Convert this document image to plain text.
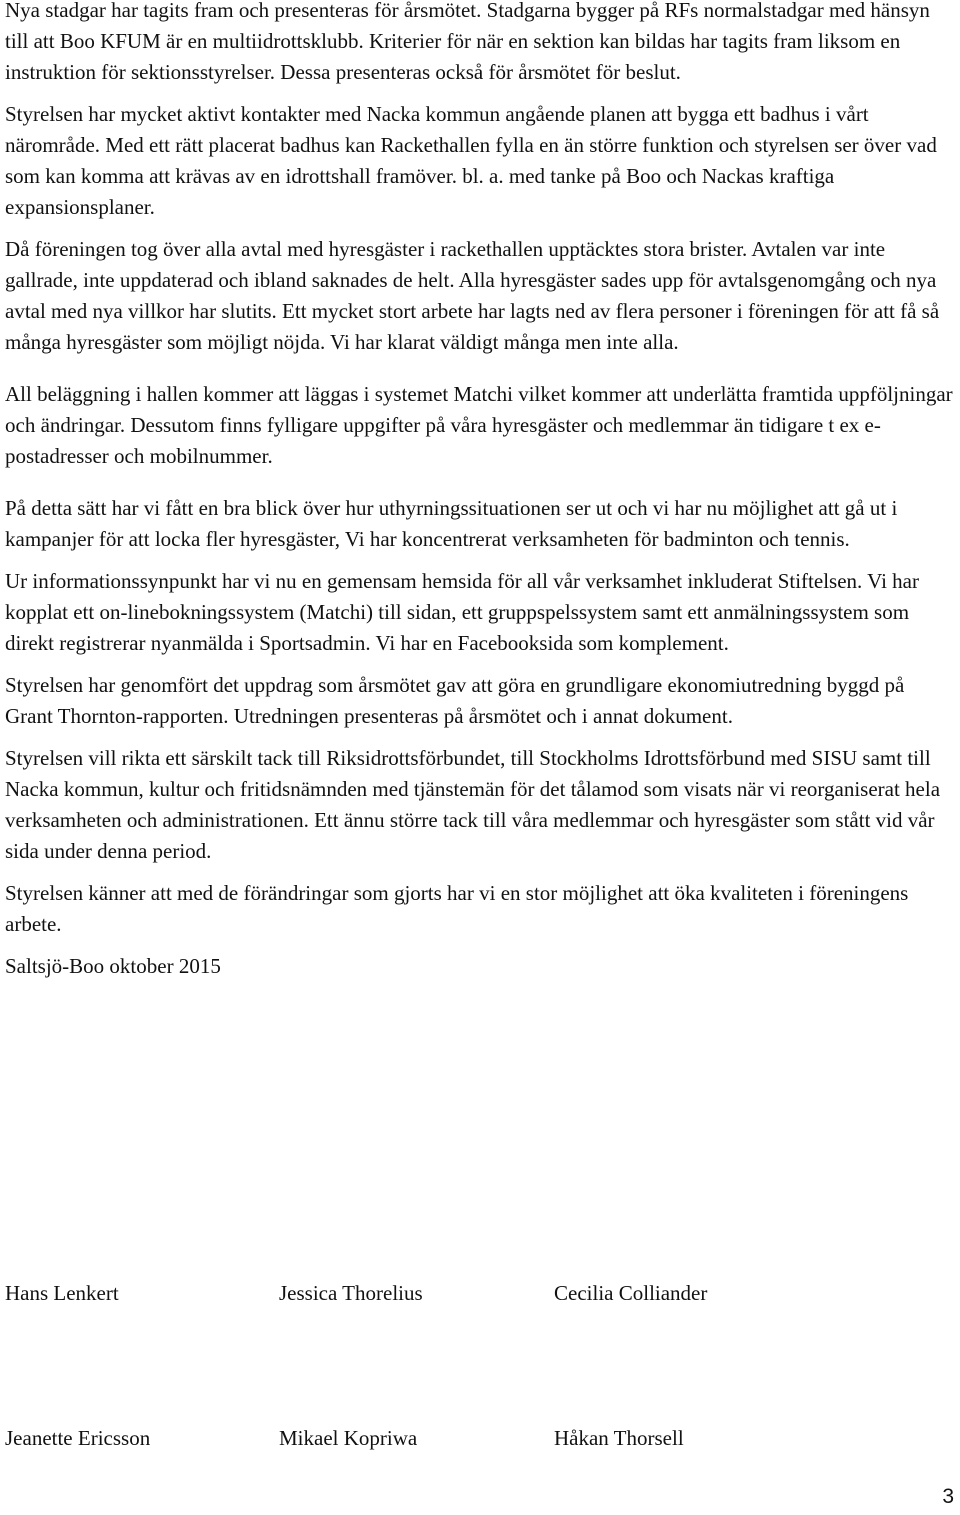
Nya stadgar har tagits fram och presenteras för årsmötet. Stadgarna bygger på RFs normalstadgar med hänsyn till att Boo KFUM är en multiidrottsklubb. Kriterier för när en sektion kan bildas har tagits fram liksom en instruktion för sektionsstyrelser. Dessa presenteras också för årsmötet för beslut.

Styrelsen har mycket aktivt kontakter med Nacka kommun angående planen att bygga ett badhus i vårt närområde. Med ett rätt placerat badhus kan Rackethallen fylla en än större funktion och styrelsen ser över vad som kan komma att krävas av en idrottshall framöver. bl. a. med tanke på Boo och Nackas kraftiga expansionsplaner.

Då föreningen tog över alla avtal med hyresgäster i rackethallen upptäcktes stora brister. Avtalen var inte gallrade, inte uppdaterad och ibland saknades de helt. Alla hyresgäster sades upp för avtalsgenomgång och nya avtal med nya villkor har slutits. Ett mycket stort arbete har lagts ned av flera personer i föreningen för att få så många hyresgäster som möjligt nöjda. Vi har klarat väldigt många men inte alla.

All beläggning i hallen kommer att läggas i systemet Matchi vilket kommer att underlätta framtida uppföljningar och ändringar. Dessutom finns fylligare uppgifter på våra hyresgäster och medlemmar än tidigare t ex e-postadresser och mobilnummer.

På detta sätt har vi fått en bra blick över hur uthyrningssituationen ser ut och vi har nu möjlighet att gå ut i kampanjer för att locka fler hyresgäster, Vi har koncentrerat verksamheten för badminton och tennis.

Ur informationssynpunkt har vi nu en gemensam hemsida för all vår verksamhet inkluderat Stiftelsen. Vi har kopplat ett on-linebokningssystem (Matchi) till sidan, ett gruppspelssystem samt ett anmälningssystem som direkt registrerar nyanmälda i Sportsadmin. Vi har en Facebooksida som komplement.

Styrelsen har genomfört det uppdrag som årsmötet gav att göra en grundligare ekonomiutredning byggd på Grant Thornton-rapporten. Utredningen presenteras på årsmötet och i annat dokument.

Styrelsen vill rikta ett särskilt tack till Riksidrottsförbundet, till Stockholms Idrottsförbund med SISU samt till Nacka kommun, kultur och fritidsnämnden med tjänstemän för det tålamod som visats när vi reorganiserat hela verksamheten och administrationen. Ett ännu större tack till våra medlemmar och hyresgäster som stått vid vår sida under denna period.

Styrelsen känner att med de förändringar som gjorts har vi en stor möjlighet att öka kvaliteten i föreningens arbete.

Saltsjö-Boo oktober 2015

Hans Lenkert	Jessica Thorelius	Cecilia Colliander
Jeanette Ericsson	Mikael Kopriwa	Håkan Thorsell
3
